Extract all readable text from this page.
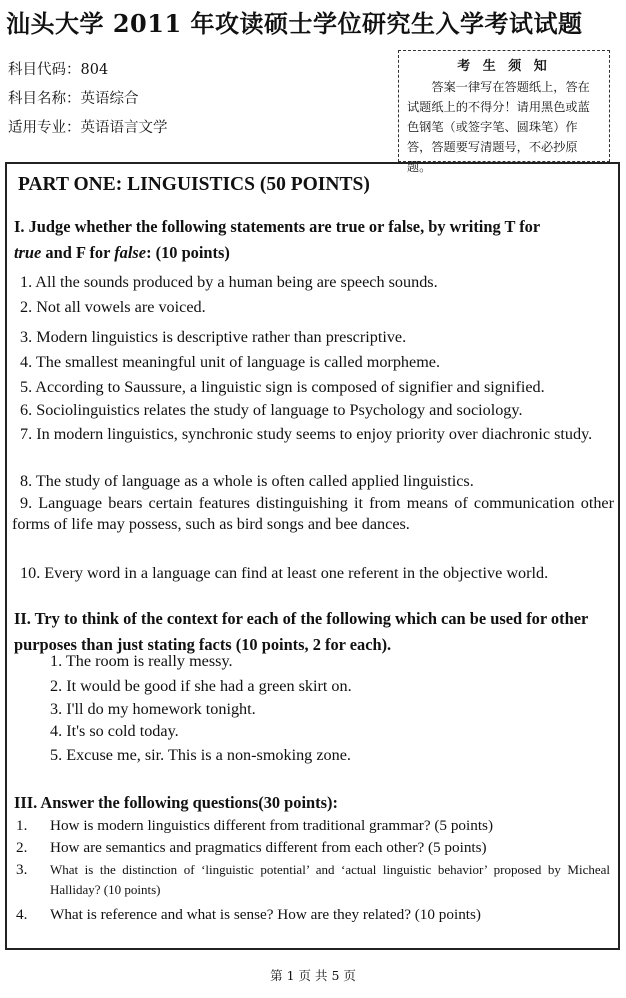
汕头大学 2011 年攻读硕士学位研究生入学考试试题
科目代码：804
科目名称：英语综合
适用专业：英语语言文学
考 生 须 知
答案一律写在答题纸上，答在试题纸上的不得分！请用黑色或蓝色钢笔（或签字笔、圆珠笔）作答，答题要写清题号，不必抄原题。
PART ONE: LINGUISTICS (50 POINTS)
I. Judge whether the following statements are true or false, by writing T for
true and F for false: (10 points)
1. All the sounds produced by a human being are speech sounds.
2. Not all vowels are voiced.
3. Modern linguistics is descriptive rather than prescriptive.
4. The smallest meaningful unit of language is called morpheme.
5. According to Saussure, a linguistic sign is composed of signifier and signified.
6. Sociolinguistics relates the study of language to Psychology and sociology.
7. In modern linguistics, synchronic study seems to enjoy priority over diachronic study.
8. The study of language as a whole is often called applied linguistics.
9. Language bears certain features distinguishing it from means of communication other forms of life may possess, such as bird songs and bee dances.
10. Every word in a language can find at least one referent in the objective world.
II. Try to think of the context for each of the following which can be used for other purposes than just stating facts (10 points, 2 for each).
1. The room is really messy.
2. It would be good if she had a green skirt on.
3. I'll do my homework tonight.
4. It's so cold today.
5. Excuse me, sir. This is a non-smoking zone.
III. Answer the following questions(30 points):
1. How is modern linguistics different from traditional grammar? (5 points)
2. How are semantics and pragmatics different from each other? (5 points)
3. What is the distinction of ‘linguistic potential’ and ‘actual linguistic behavior’ proposed by Micheal Halliday? (10 points)
4. What is reference and what is sense? How are they related? (10 points)
第 1 页 共 5 页
